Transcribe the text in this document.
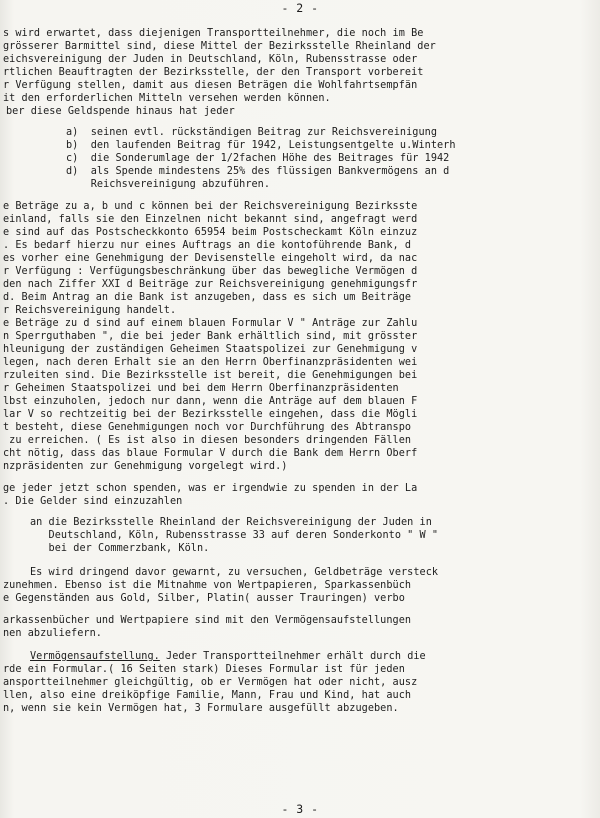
- 2 -
s wird erwartet, dass diejenigen Transportteilnehmer, die noch im Be
grösserer Barmittel sind, diese Mittel der Bezirksstelle Rheinland der
eichsvereinigung der Juden in Deutschland, Köln, Rubensstrasse oder
rtlichen Beauftragten der Bezirksstelle, der den Transport vorbereit
r Verfügung stellen, damit aus diesen Beträgen die Wohlfahrtsempfän
it den erforderlichen Mitteln versehen werden können.
ber diese Geldspende hinaus hat jeder
a)  seinen evtl. rückständigen Beitrag zur Reichsvereinigung
b)  den laufenden Beitrag für 1942, Leistungsentgelte u.Winterh
c)  die Sonderumlage der 1/2fachen Höhe des Beitrages für 1942
d)  als Spende mindestens 25% des flüssigen Bankvermögens an d
Reichsvereinigung abzuführen.
e Beträge zu a, b und c können bei der Reichsvereinigung Bezirksste
einland, falls sie den Einzelnen nicht bekannt sind, angefragt werd
e sind auf das Postscheckkonto 65954 beim Postscheckamt Köln einzuz
. Es bedarf hierzu nur eines Auftrags an die kontoführende Bank, d
es vorher eine Genehmigung der Devisenstelle eingeholt wird, da nac
r Verfügung : Verfügungsbeschränkung über das bewegliche Vermögen d
den nach Ziffer XXI d Beiträge zur Reichsvereinigung genehmigungsfr
d. Beim Antrag an die Bank ist anzugeben, dass es sich um Beiträge
r Reichsvereinigung handelt.
e Beträge zu d sind auf einem blauen Formular V " Anträge zur Zahlu
n Sperrguthaben ", die bei jeder Bank erhältlich sind, mit grösster
hleunigung der zuständigen Geheimen Staatspolizei zur Genehmigung v
legen, nach deren Erhalt sie an den Herrn Oberfinanzpräsidenten wei
rzuleiten sind. Die Bezirksstelle ist bereit, die Genehmigungen bei
r Geheimen Staatspolizei und bei dem Herrn Oberfinanzpräsidenten
lbst einzuholen, jedoch nur dann, wenn die Anträge auf dem blauen F
lar V so rechtzeitig bei der Bezirksstelle eingehen, dass die Mögli
t besteht, diese Genehmigungen noch vor Durchführung des Abtranspo
zu erreichen. ( Es ist also in diesen besonders dringenden Fällen
cht nötig, dass das blaue Formular V durch die Bank dem Herrn Oberf
nzpräsidenten zur Genehmigung vorgelegt wird.)
ge jeder jetzt schon spenden, was er irgendwie zu spenden in der La
. Die Gelder sind einzuzahlen
an die Bezirksstelle Rheinland der Reichsvereinigung der Juden in
Deutschland, Köln, Rubensstrasse 33 auf deren Sonderkonto " W "
bei der Commerzbank, Köln.
Es wird dringend davor gewarnt, zu versuchen, Geldbeträge versteck
zunehmen. Ebenso ist die Mitnahme von Wertpapieren, Sparkassenbüch
e Gegenständen aus Gold, Silber, Platin( ausser Trauringen) verbo
arkassenbücher und Wertpapiere sind mit den Vermögensaufstellungen
nen abzuliefern.
Vermögensaufstellung. Jeder Transportteilnehmer erhält durch die
rde ein Formular.( 16 Seiten stark) Dieses Formular ist für jeden
ansportteilnehmer gleichgültig, ob er Vermögen hat oder nicht, ausz
llen, also eine dreiköpfige Familie, Mann, Frau und Kind, hat auch
n, wenn sie kein Vermögen hat, 3 Formulare ausgefüllt abzugeben.
- 3 -
